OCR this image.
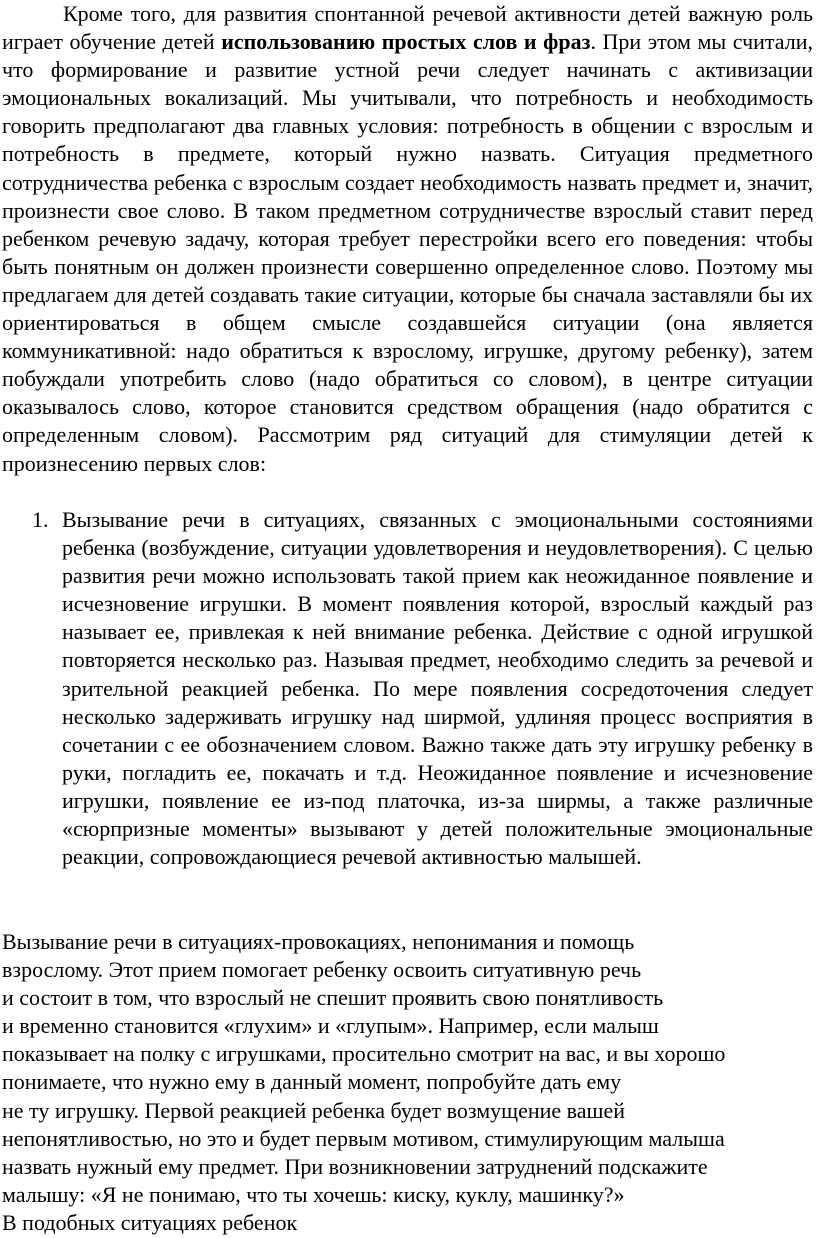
Кроме того, для развития спонтанной речевой активности детей важную роль играет обучение детей использованию простых слов и фраз. При этом мы считали, что формирование и развитие устной речи следует начинать с активизации эмоциональных вокализаций. Мы учитывали, что потребность и необходимость говорить предполагают два главных условия: потребность в общении с взрослым и потребность в предмете, который нужно назвать. Ситуация предметного сотрудничества ребенка с взрослым создает необходимость назвать предмет и, значит, произнести свое слово. В таком предметном сотрудничестве взрослый ставит перед ребенком речевую задачу, которая требует перестройки всего его поведения: чтобы быть понятным он должен произнести совершенно определенное слово. Поэтому мы предлагаем для детей создавать такие ситуации, которые бы сначала заставляли бы их ориентироваться в общем смысле создавшейся ситуации (она является коммуникативной: надо обратиться к взрослому, игрушке, другому ребенку), затем побуждали употребить слово (надо обратиться со словом), в центре ситуации оказывалось слово, которое становится средством обращения (надо обратится с определенным словом). Рассмотрим ряд ситуаций для стимуляции детей к произнесению первых слов:

1. Вызывание речи в ситуациях, связанных с эмоциональными состояниями ребенка (возбуждение, ситуации удовлетворения и неудовлетворения). С целью развития речи можно использовать такой прием как неожиданное появление и исчезновение игрушки. В момент появления которой, взрослый каждый раз называет ее, привлекая к ней внимание ребенка. Действие с одной игрушкой повторяется несколько раз. Называя предмет, необходимо следить за речевой и зрительной реакцией ребенка. По мере появления сосредоточения следует несколько задерживать игрушку над ширмой, удлиняя процесс восприятия в сочетании с ее обозначением словом. Важно также дать эту игрушку ребенку в руки, погладить ее, покачать и т.д. Неожиданное появление и исчезновение игрушки, появление ее из-под платочка, из-за ширмы, а также различные «сюрпризные моменты» вызывают у детей положительные эмоциональные реакции, сопровождающиеся речевой активностью малышей.
Вызывание речи в ситуациях-провокациях, непонимания и помощь
взрослому. Этот прием помогает ребенку освоить ситуативную речь
и состоит в том, что взрослый не спешит проявить свою понятливость
и временно становится «глухим» и «глупым». Например, если малыш
показывает на полку с игрушками, просительно смотрит на вас, и вы хорошо
понимаете, что нужно ему в данный момент, попробуйте дать ему
не ту игрушку. Первой реакцией ребенка будет возмущение вашей
непонятливостью, но это и будет первым мотивом, стимулирующим малыша
назвать нужный ему предмет. При возникновении затруднений подскажите
малышу: «Я не понимаю, что ты хочешь: киску, куклу, машинку?»
В подобных ситуациях ребенок
